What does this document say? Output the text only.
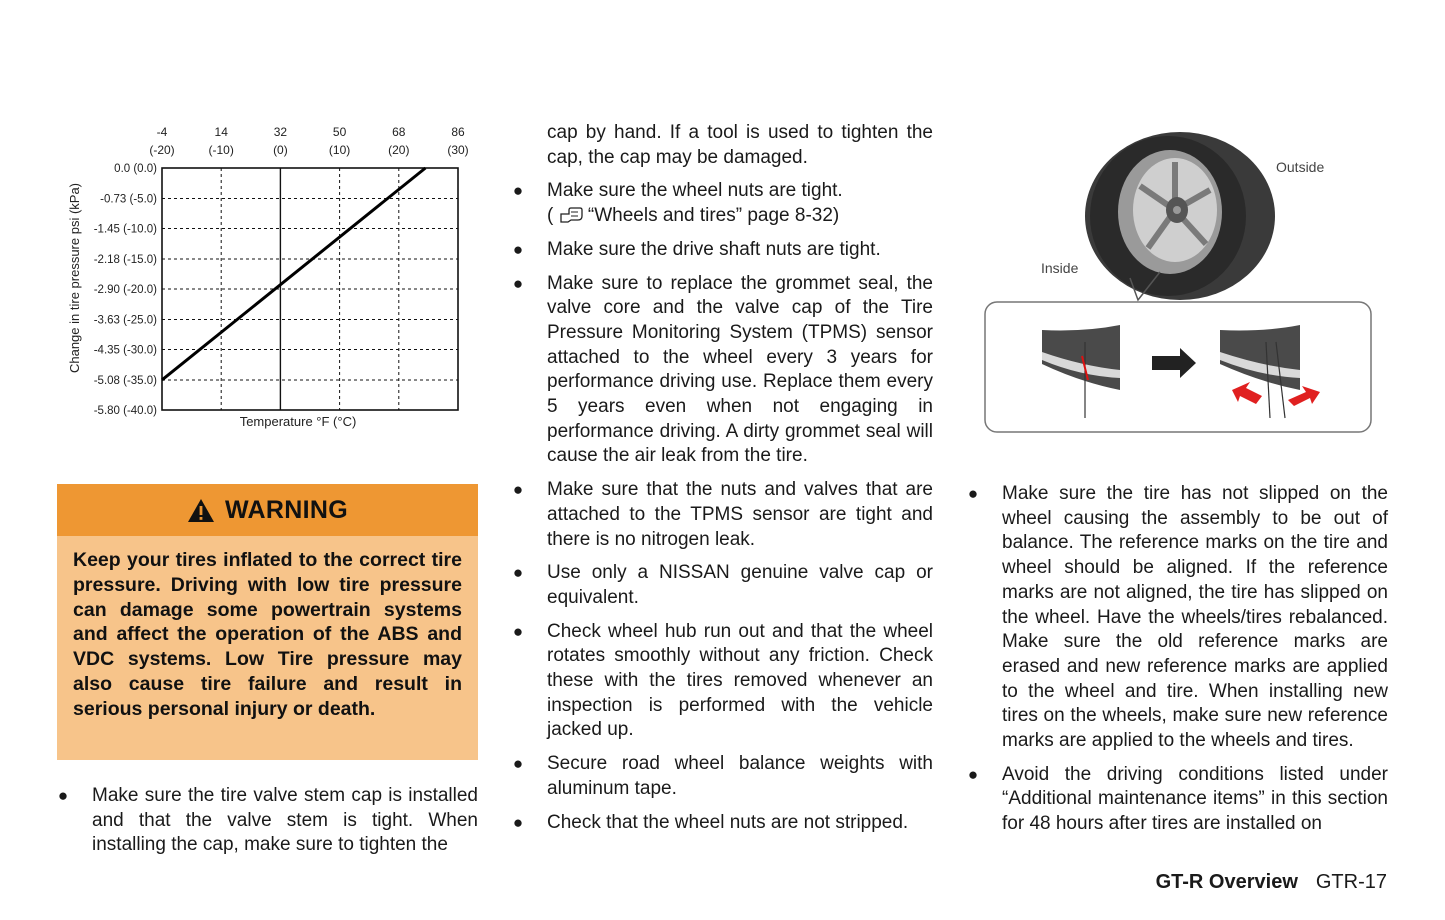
-4
(-20)
14
(-10)
32
(0)
50
(10)
68
(20)
86
(30)
0.0 (0.0)
-0.73 (-5.0)
-1.45 (-10.0)
-2.18 (-15.0)
-2.90 (-20.0)
-3.63 (-25.0)
-4.35 (-30.0)
-5.08 (-35.0)
-5.80 (-40.0)
Temperature °F (°C)
Change in tire pressure psi (kPa)
WARNING
Keep your tires inflated to the correct tire pressure. Driving with low tire pressure can damage some powertrain systems and affect the operation of the ABS and VDC systems. Low Tire pressure may also cause tire failure and result in serious personal injury or death.
● Make sure the tire valve stem cap is installed and that the valve stem is tight. When installing the cap, make sure to tighten the
cap by hand. If a tool is used to tighten the cap, the cap may be damaged.
● Make sure the wheel nuts are tight.
(  “Wheels and tires” page 8-32)
● Make sure the drive shaft nuts are tight.
● Make sure to replace the grommet seal, the valve core and the valve cap of the Tire Pressure Monitoring System (TPMS) sensor attached to the wheel every 3 years for performance driving use. Replace them every 5 years even when not engaging in performance driving. A dirty grommet seal will cause the air leak from the tire.
● Make sure that the nuts and valves that are attached to the TPMS sensor are tight and there is no nitrogen leak.
● Use only a NISSAN genuine valve cap or equivalent.
● Check wheel hub run out and that the wheel rotates smoothly without any friction. Check these with the tires removed whenever an inspection is performed with the vehicle jacked up.
● Secure road wheel balance weights with aluminum tape.
● Check that the wheel nuts are not stripped.
Outside
Inside
● Make sure the tire has not slipped on the wheel causing the assembly to be out of balance. The reference marks on the tire and wheel should be aligned. If the reference marks are not aligned, the tire has slipped on the wheel. Have the wheels/tires rebalanced. Make sure the old reference marks are erased and new reference marks are applied to the wheel and tire. When installing new tires on the wheels, make sure new reference marks are applied to the wheels and tires.
● Avoid the driving conditions listed under “Additional maintenance items” in this section for 48 hours after tires are installed on
GT-R Overview GTR-17
